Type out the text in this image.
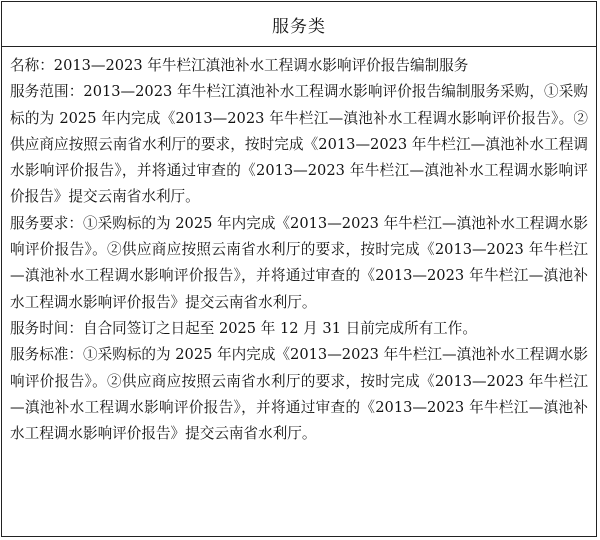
服务类

名称：2013—2023 年牛栏江滇池补水工程调水影响评价报告编制服务

服务范围：2013—2023 年牛栏江滇池补水工程调水影响评价报告编制服务采购，①采购标的为 2025 年内完成《2013—2023 年牛栏江—滇池补水工程调水影响评价报告》。②供应商应按照云南省水利厅的要求，按时完成《2013—2023 年牛栏江—滇池补水工程调水影响评价报告》，并将通过审查的《2013—2023 年牛栏江—滇池补水工程调水影响评价报告》提交云南省水利厅。

服务要求：①采购标的为 2025 年内完成《2013—2023 年牛栏江—滇池补水工程调水影响评价报告》。②供应商应按照云南省水利厅的要求，按时完成《2013—2023 年牛栏江—滇池补水工程调水影响评价报告》，并将通过审查的《2013—2023 年牛栏江—滇池补水工程调水影响评价报告》提交云南省水利厅。

服务时间：自合同签订之日起至 2025 年 12 月 31 日前完成所有工作。

服务标准：①采购标的为 2025 年内完成《2013—2023 年牛栏江—滇池补水工程调水影响评价报告》。②供应商应按照云南省水利厅的要求，按时完成《2013—2023 年牛栏江—滇池补水工程调水影响评价报告》，并将通过审查的《2013—2023 年牛栏江—滇池补水工程调水影响评价报告》提交云南省水利厅。
